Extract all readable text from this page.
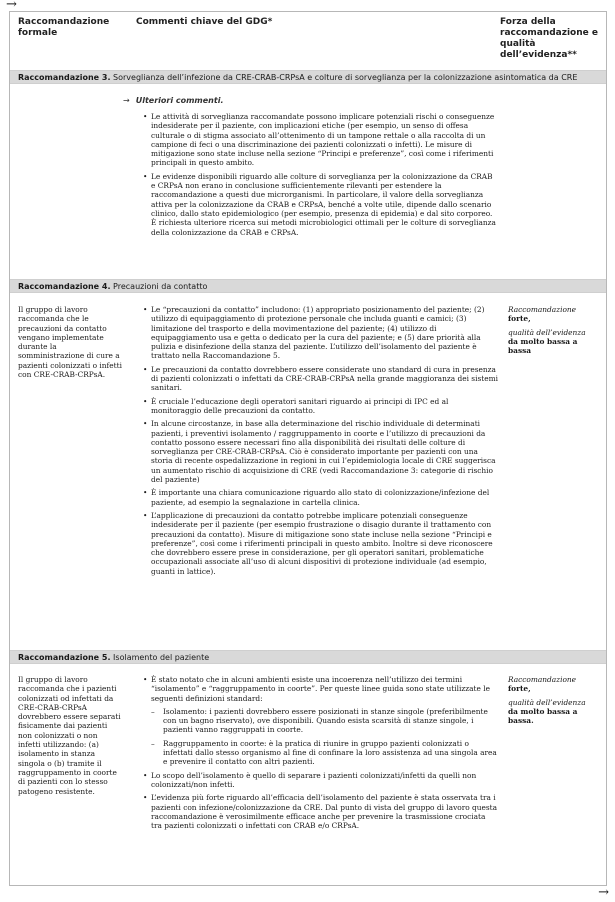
→
Raccomandazione formale
Commenti chiave del GDG*	Forza della raccomandazione e qualità dell’evidenza**
Raccomandazione 3. Sorveglianza dell’infezione da CRE-CRAB-CRPsA e colture di sorveglianza per la colonizzazione asintomatica da CRE
→ Ulteriori commenti.
• Le attività di sorveglianza raccomandate possono implicare potenziali rischi o conseguenze indesiderate per il paziente, con implicazioni etiche (per esempio, un senso di offesa culturale o di stigma associato all’ottenimento di un tampone rettale o alla raccolta di un campione di feci o una discriminazione dei pazienti colonizzati o infetti). Le misure di mitigazione sono state incluse nella sezione “Principi e preferenze”, così come i riferimenti principali in questo ambito.
• Le evidenze disponibili riguardo alle colture di sorveglianza per la colonizzazione da CRAB e CRPsA non erano in conclusione sufficientemente rilevanti per estendere la raccomandazione a questi due microrganismi. In particolare, il valore della sorveglianza attiva per la colonizzazione da CRAB e CRPsA, benché a volte utile, dipende dallo scenario clinico, dallo stato epidemiologico (per esempio, presenza di epidemia) e dal sito corporeo. È richiesta ulteriore ricerca sui metodi microbiologici ottimali per le colture di sorveglianza della colonizzazione da CRAB e CRPsA.
Raccomandazione 4. Precauzioni da contatto
Il gruppo di lavoro raccomanda che le precauzioni da contatto vengano implementate durante la somministrazione di cure a pazienti colonizzati o infetti con CRE-CRAB-CRPsA.
• Le “precauzioni da contatto” includono: (1) appropriato posizionamento del paziente; (2) utilizzo di equipaggiamento di protezione personale che includa guanti e camici; (3) limitazione del trasporto e della movimentazione del paziente; (4) utilizzo di equipaggiamento usa e getta o dedicato per la cura del paziente; e (5) dare priorità alla pulizia e disinfezione della stanza del paziente. L’utilizzo dell’isolamento del paziente è trattato nella Raccomandazione 5.
• Le precauzioni da contatto dovrebbero essere considerate uno standard di cura in presenza di pazienti colonizzati o infettati da CRE-CRAB-CRPsA nella grande maggioranza dei sistemi sanitari.
• È cruciale l’educazione degli operatori sanitari riguardo ai principi di IPC ed al monitoraggio delle precauzioni da contatto.
• In alcune circostanze, in base alla determinazione del rischio individuale di determinati pazienti, i preventivi isolamento / raggruppamento in coorte e l’utilizzo di precauzioni da contatto possono essere necessari fino alla disponibilità dei risultati delle colture di sorveglianza per CRE-CRAB-CRPsA. Ciò è considerato importante per pazienti con una storia di recente ospedalizzazione in regioni in cui l’epidemiologia locale di CRE suggerisca un aumentato rischio di acquisizione di CRE (vedi Raccomandazione 3: categorie di rischio del paziente)
• È importante una chiara comunicazione riguardo allo stato di colonizzazione/infezione del paziente, ad esempio la segnalazione in cartella clinica.
• L’applicazione di precauzioni da contatto potrebbe implicare potenziali conseguenze indesiderate per il paziente (per esempio frustrazione o disagio durante il trattamento con precauzioni da contatto). Misure di mitigazione sono state incluse nella sezione “Principi e preferenze”, così come i riferimenti principali in questo ambito. Inoltre si deve riconoscere che dovrebbero essere prese in considerazione, per gli operatori sanitari, problematiche occupazionali associate all’uso di alcuni dispositivi di protezione individuale (ad esempio, guanti in lattice).
Raccomandazione
forte,
qualità dell’evidenza
da molto bassa a bassa
Raccomandazione 5. Isolamento del paziente
Il gruppo di lavoro raccomanda che i pazienti colonizzati od infettati da CRE-CRAB-CRPsA dovrebbero essere separati fisicamente dai pazienti non colonizzati o non infetti utilizzando: (a) isolamento in stanza singola o (b) tramite il raggruppamento in coorte di pazienti con lo stesso patogeno resistente.
• È stato notato che in alcuni ambienti esiste una incoerenza nell’utilizzo dei termini “isolamento” e “raggruppamento in coorte”. Per queste linee guida sono state utilizzate le seguenti definizioni standard:
– Isolamento: i pazienti dovrebbero essere posizionati in stanze singole (preferibilmente con un bagno riservato), ove disponibili. Quando esista scarsità di stanze singole, i pazienti vanno raggruppati in coorte.
– Raggruppamento in coorte: è la pratica di riunire in gruppo pazienti colonizzati o infettati dallo stesso organismo al fine di confinare la loro assistenza ad una singola area e prevenire il contatto con altri pazienti.
• Lo scopo dell’isolamento è quello di separare i pazienti colonizzati/infetti da quelli non colonizzati/non infetti.
• L’evidenza più forte riguardo all’efficacia dell’isolamento del paziente è stata osservata tra i pazienti con infezione/colonizzazione da CRE. Dal punto di vista del gruppo di lavoro questa raccomandazione è verosimilmente efficace anche per prevenire la trasmissione crociata tra pazienti colonizzati o infettati con CRAB e/o CRPsA.
Raccomandazione
forte,
qualità dell’evidenza
da molto bassa a bassa.
→
